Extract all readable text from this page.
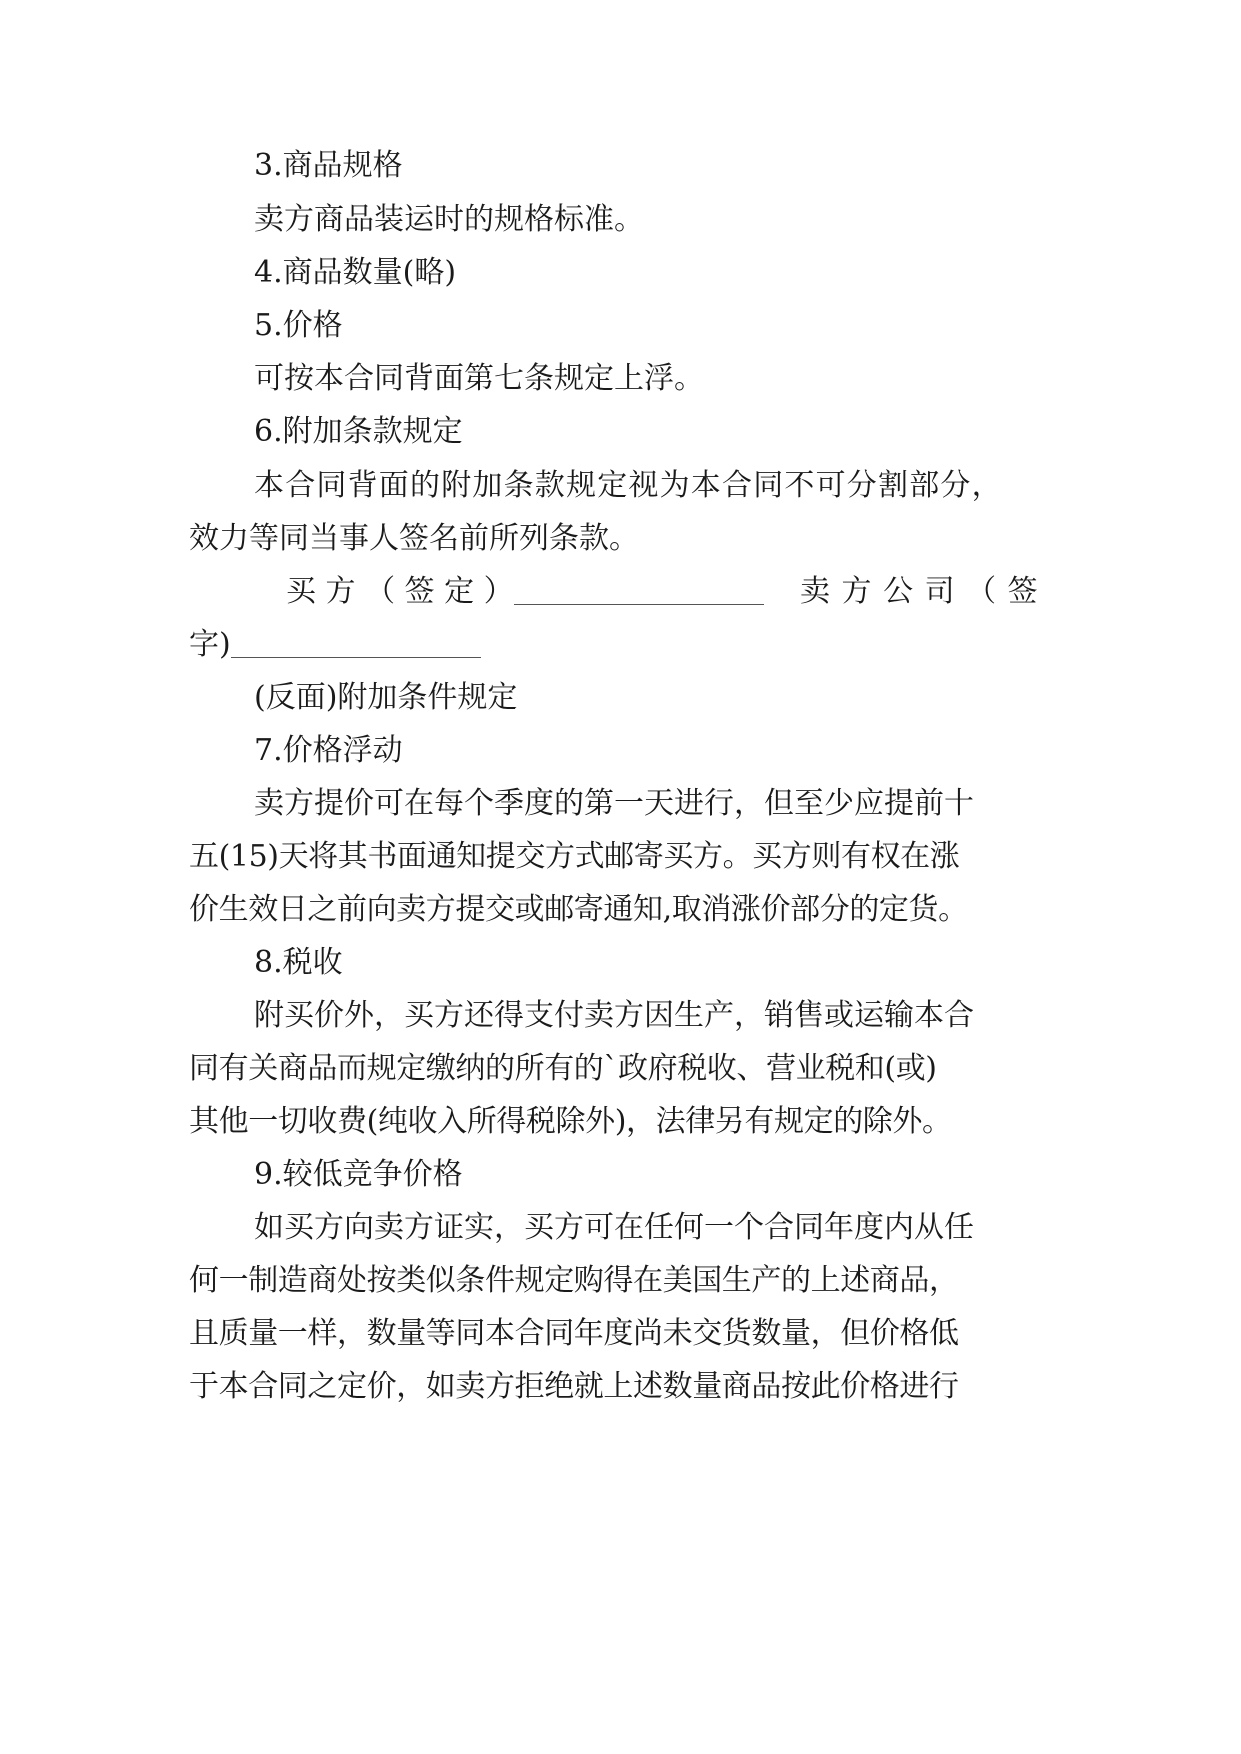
3.商品规格
卖方商品装运时的规格标准。
4.商品数量(略)
5.价格
可按本合同背面第七条规定上浮。
6.附加条款规定
本合同背面的附加条款规定视为本合同不可分割部分，
效力等同当事人签名前所列条款。
买 方 （ 签 定 ）	卖 方 公 司 （ 签
字)
(反面)附加条件规定
7.价格浮动
卖方提价可在每个季度的第一天进行，但至少应提前十
五(15)天将其书面通知提交方式邮寄买方。买方则有权在涨
价生效日之前向卖方提交或邮寄通知,取消涨价部分的定货。
8.税收
附买价外，买方还得支付卖方因生产，销售或运输本合
同有关商品而规定缴纳的所有的`政府税收、营业税和(或)
其他一切收费(纯收入所得税除外)，法律另有规定的除外。
9.较低竞争价格
如买方向卖方证实，买方可在任何一个合同年度内从任
何一制造商处按类似条件规定购得在美国生产的上述商品，
且质量一样，数量等同本合同年度尚未交货数量，但价格低
于本合同之定价，如卖方拒绝就上述数量商品按此价格进行
